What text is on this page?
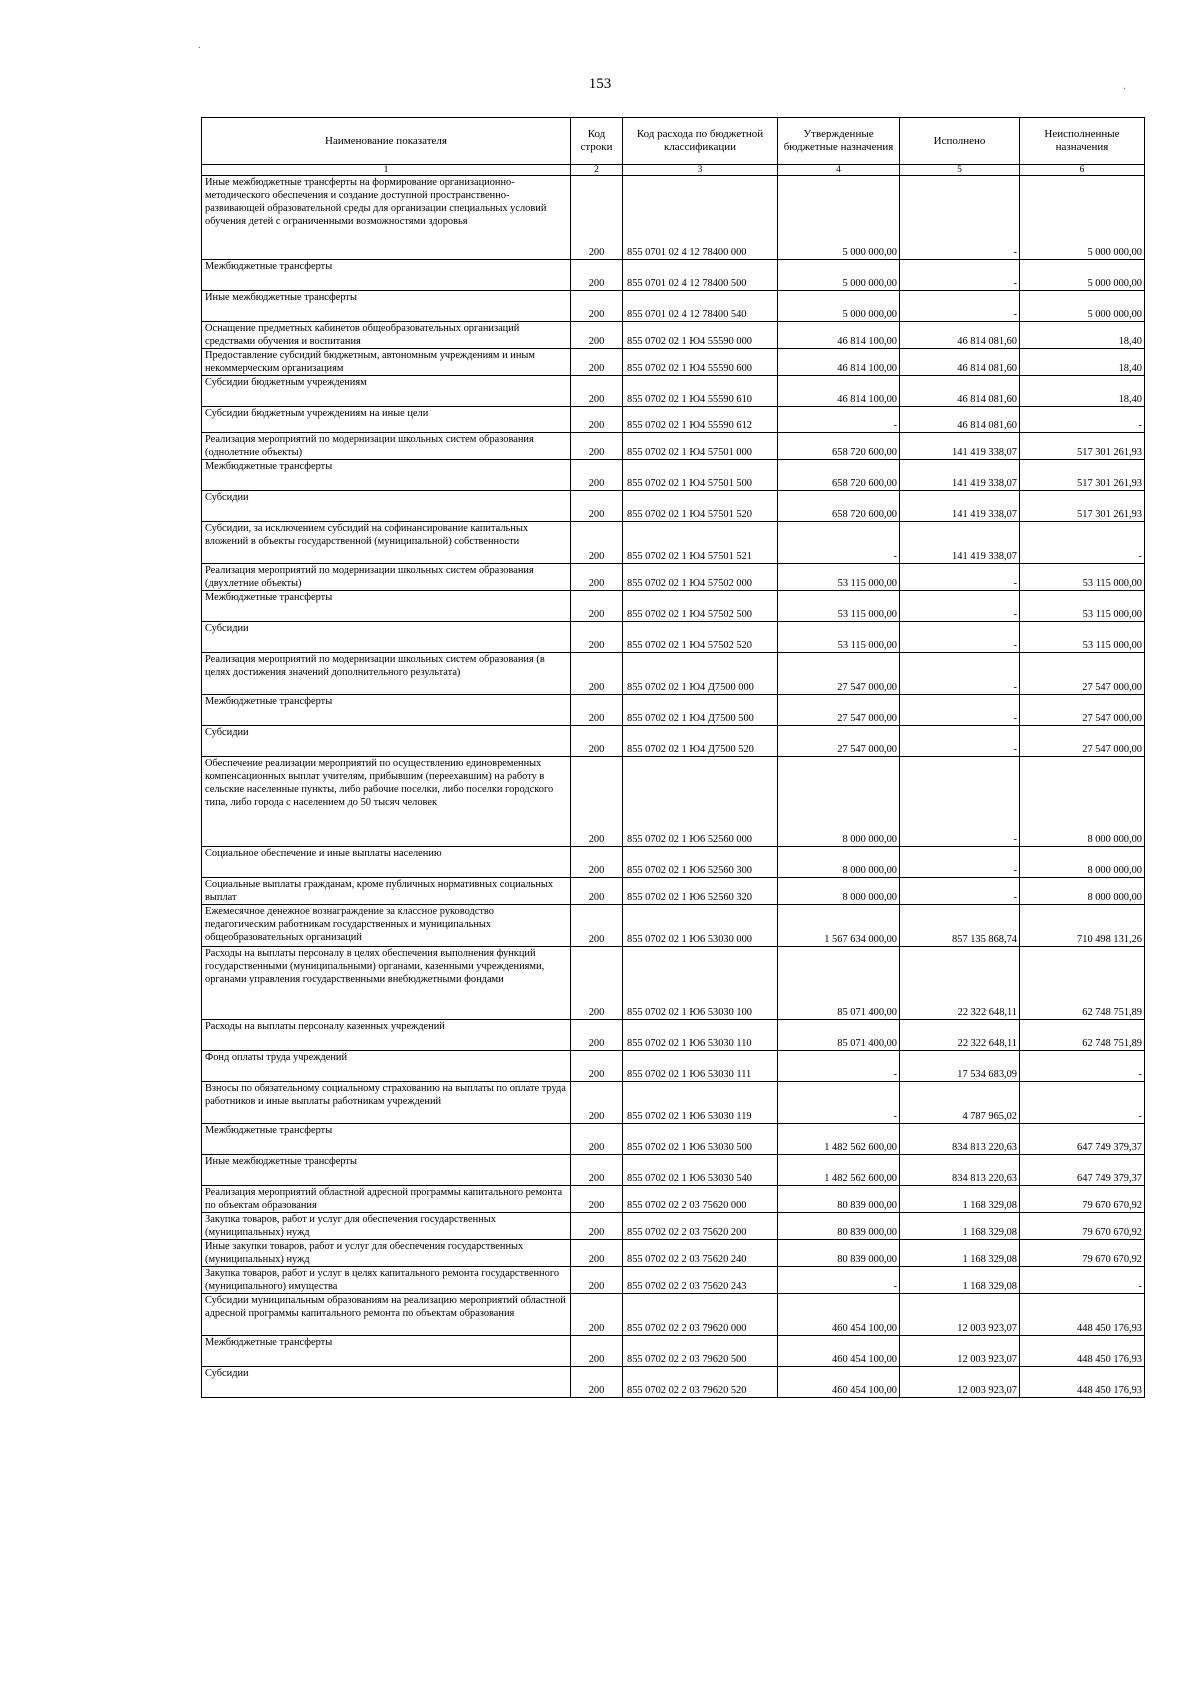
153
.
·
Наименование показателя	Код строки	Код расхода по бюджетной классификации	Утвержденные бюджетные назначения	Исполнено	Неисполненные назначения
1	2	3	4	5	6
Иные межбюджетные трансферты на формирование организационно-методического обеспечения и создание доступной пространственно-развивающей образовательной среды для организации специальных условий обучения детей с ограниченными возможностями здоровья	200	855 0701 02 4 12 78400 000	5 000 000,00	-	5 000 000,00
Межбюджетные трансферты	200	855 0701 02 4 12 78400 500	5 000 000,00	-	5 000 000,00
Иные межбюджетные трансферты	200	855 0701 02 4 12 78400 540	5 000 000,00	-	5 000 000,00
Оснащение предметных кабинетов общеобразовательных организаций средствами обучения и воспитания	200	855 0702 02 1 Ю4 55590 000	46 814 100,00	46 814 081,60	18,40
Предоставление субсидий бюджетным, автономным учреждениям и иным некоммерческим организациям	200	855 0702 02 1 Ю4 55590 600	46 814 100,00	46 814 081,60	18,40
Субсидии бюджетным учреждениям	200	855 0702 02 1 Ю4 55590 610	46 814 100,00	46 814 081,60	18,40
Субсидии бюджетным учреждениям на иные цели	200	855 0702 02 1 Ю4 55590 612	-	46 814 081,60	-
Реализация мероприятий по модернизации школьных систем образования (однолетние объекты)	200	855 0702 02 1 Ю4 57501 000	658 720 600,00	141 419 338,07	517 301 261,93
Межбюджетные трансферты	200	855 0702 02 1 Ю4 57501 500	658 720 600,00	141 419 338,07	517 301 261,93
Субсидии	200	855 0702 02 1 Ю4 57501 520	658 720 600,00	141 419 338,07	517 301 261,93
Субсидии, за исключением субсидий на софинансирование капитальных вложений в объекты государственной (муниципальной) собственности	200	855 0702 02 1 Ю4 57501 521	-	141 419 338,07	-
Реализация мероприятий по модернизации школьных систем образования (двухлетние объекты)	200	855 0702 02 1 Ю4 57502 000	53 115 000,00	-	53 115 000,00
Межбюджетные трансферты	200	855 0702 02 1 Ю4 57502 500	53 115 000,00	-	53 115 000,00
Субсидии	200	855 0702 02 1 Ю4 57502 520	53 115 000,00	-	53 115 000,00
Реализация мероприятий по модернизации школьных систем образования (в целях достижения значений дополнительного результата)	200	855 0702 02 1 Ю4 Д7500 000	27 547 000,00	-	27 547 000,00
Межбюджетные трансферты	200	855 0702 02 1 Ю4 Д7500 500	27 547 000,00	-	27 547 000,00
Субсидии	200	855 0702 02 1 Ю4 Д7500 520	27 547 000,00	-	27 547 000,00
Обеспечение реализации мероприятий по осуществлению единовременных компенсационных выплат учителям, прибывшим (переехавшим) на работу в сельские населенные пункты, либо рабочие поселки, либо поселки городского типа, либо города с населением до 50 тысяч человек	200	855 0702 02 1 Ю6 52560 000	8 000 000,00	-	8 000 000,00
Социальное обеспечение и иные выплаты населению	200	855 0702 02 1 Ю6 52560 300	8 000 000,00	-	8 000 000,00
Социальные выплаты гражданам, кроме публичных нормативных социальных выплат	200	855 0702 02 1 Ю6 52560 320	8 000 000,00	-	8 000 000,00
Ежемесячное денежное вознаграждение за классное руководство педагогическим работникам государственных и муниципальных общеобразовательных организаций	200	855 0702 02 1 Ю6 53030 000	1 567 634 000,00	857 135 868,74	710 498 131,26
Расходы на выплаты персоналу в целях обеспечения выполнения функций государственными (муниципальными) органами, казенными учреждениями, органами управления государственными внебюджетными фондами	200	855 0702 02 1 Ю6 53030 100	85 071 400,00	22 322 648,11	62 748 751,89
Расходы на выплаты персоналу казенных учреждений	200	855 0702 02 1 Ю6 53030 110	85 071 400,00	22 322 648,11	62 748 751,89
Фонд оплаты труда учреждений	200	855 0702 02 1 Ю6 53030 111	-	17 534 683,09	-
Взносы по обязательному социальному страхованию на выплаты по оплате труда работников и иные выплаты работникам учреждений	200	855 0702 02 1 Ю6 53030 119	-	4 787 965,02	-
Межбюджетные трансферты	200	855 0702 02 1 Ю6 53030 500	1 482 562 600,00	834 813 220,63	647 749 379,37
Иные межбюджетные трансферты	200	855 0702 02 1 Ю6 53030 540	1 482 562 600,00	834 813 220,63	647 749 379,37
Реализация мероприятий областной адресной программы капитального ремонта по объектам образования	200	855 0702 02 2 03 75620 000	80 839 000,00	1 168 329,08	79 670 670,92
Закупка товаров, работ и услуг для обеспечения государственных (муниципальных) нужд	200	855 0702 02 2 03 75620 200	80 839 000,00	1 168 329,08	79 670 670,92
Иные закупки товаров, работ и услуг для обеспечения государственных (муниципальных) нужд	200	855 0702 02 2 03 75620 240	80 839 000,00	1 168 329,08	79 670 670,92
Закупка товаров, работ и услуг в целях капитального ремонта государственного (муниципального) имущества	200	855 0702 02 2 03 75620 243	-	1 168 329,08	-
Субсидии муниципальным образованиям на реализацию мероприятий областной адресной программы капитального ремонта по объектам образования	200	855 0702 02 2 03 79620 000	460 454 100,00	12 003 923,07	448 450 176,93
Межбюджетные трансферты	200	855 0702 02 2 03 79620 500	460 454 100,00	12 003 923,07	448 450 176,93
Субсидии	200	855 0702 02 2 03 79620 520	460 454 100,00	12 003 923,07	448 450 176,93
